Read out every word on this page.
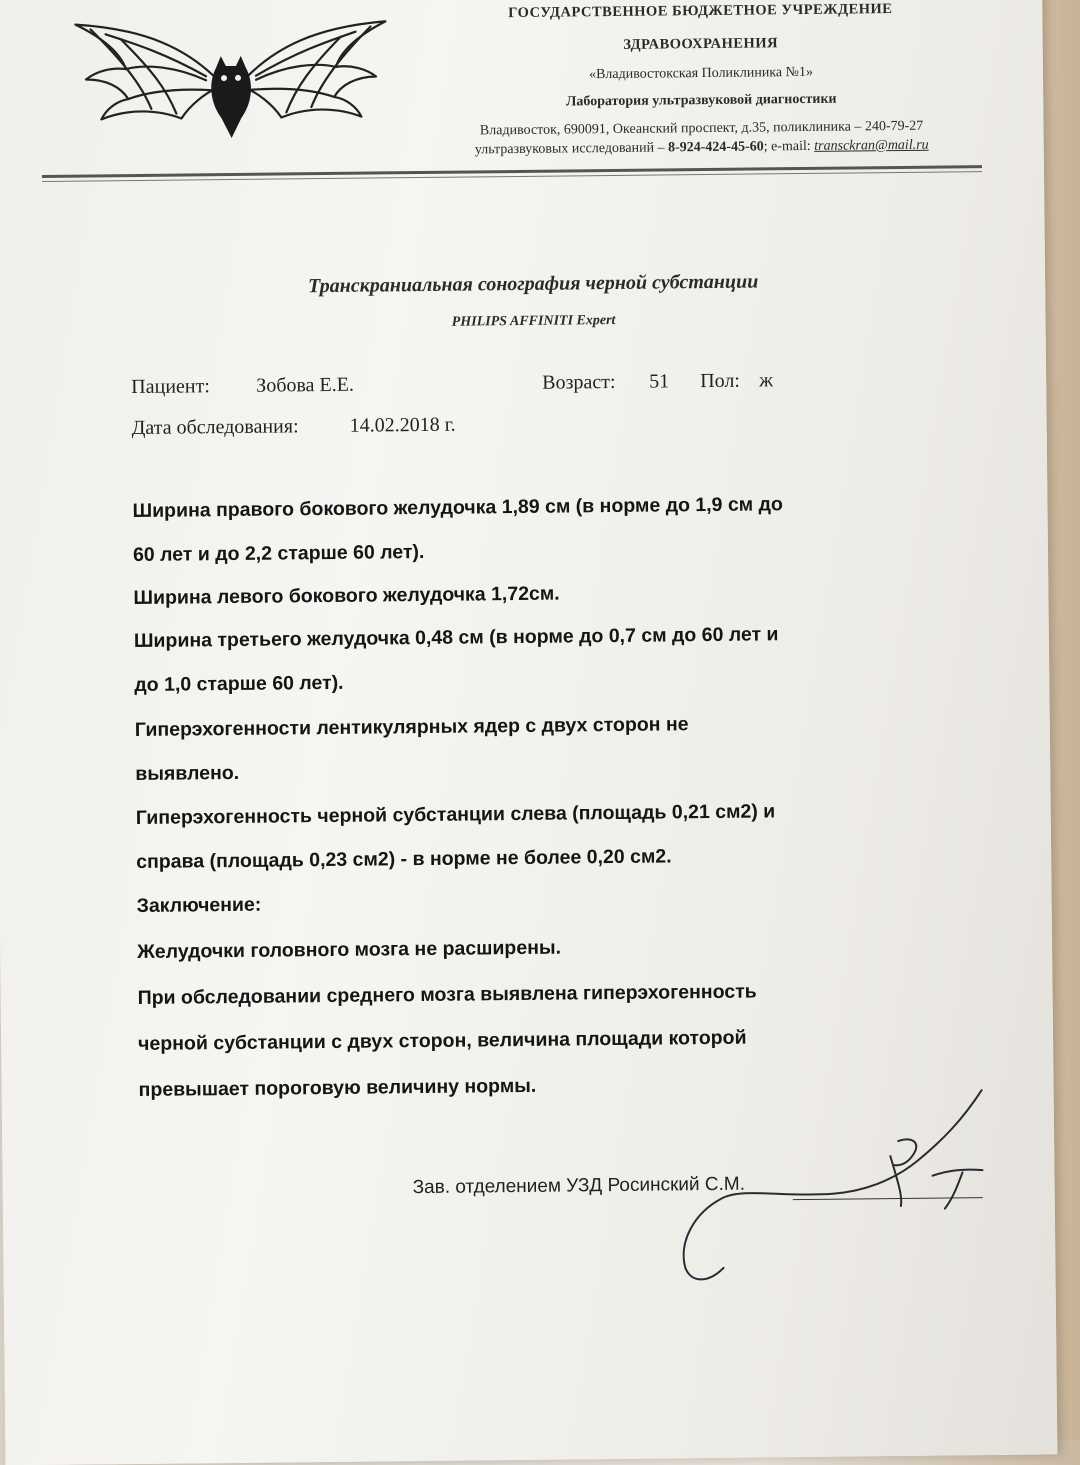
ГОСУДАРСТВЕННОЕ БЮДЖЕТНОЕ УЧРЕЖДЕНИЕ
ЗДРАВООХРАНЕНИЯ
«Владивостокская Поликлиника №1»
Лаборатория ультразвуковой диагностики
Владивосток, 690091, Океанский проспект, д.35, поликлиника – 240-79-27
ультразвуковых исследований – 8-924-424-45-60; e-mail: transckran@mail.ru
Транскраниальная сонография черной субстанции
PHILIPS AFFINITI Expert
Пациент: Зобова Е.Е.	Возраст: 51 Пол: ж
Дата обследования:	14.02.2018 г.
Ширина правого бокового желудочка 1,89 см (в норме до 1,9 см до
60 лет и до 2,2 старше 60 лет).
Ширина левого бокового желудочка 1,72см.
Ширина третьего желудочка 0,48 см (в норме до 0,7 см до 60 лет и
до 1,0 старше 60 лет).
Гиперэхогенности лентикулярных ядер с двух сторон не
выявлено.
Гиперэхогенность черной субстанции слева (площадь 0,21 см2) и
справа (площадь 0,23 см2) - в норме не более 0,20 см2.
Заключение:
Желудочки головного мозга не расширены.
При обследовании среднего мозга выявлена гиперэхогенность
черной субстанции с двух сторон, величина площади которой
превышает пороговую величину нормы.
Зав. отделением УЗД Росинский С.М.
